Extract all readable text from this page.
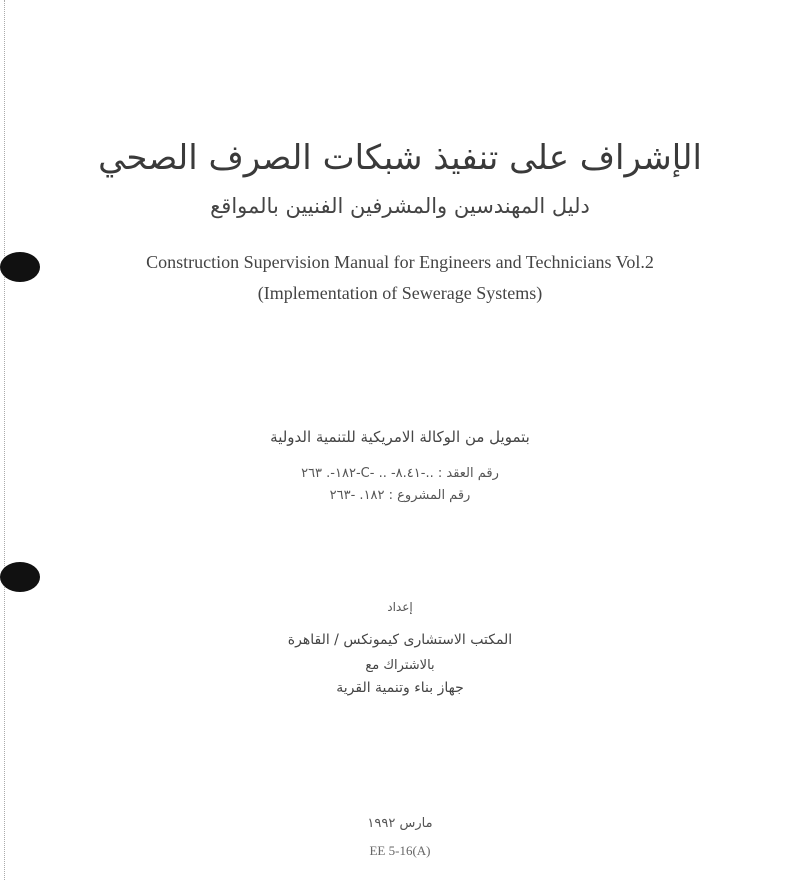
الإشراف على تنفيذ شبكات الصرف الصحي
دليل المهندسين والمشرفين الفنيين بالمواقع
Construction Supervision Manual for Engineers and Technicians Vol.2
(Implementation of Sewerage Systems)
بتمويل من الوكالة الامريكية للتنمية الدولية
رقم العقد : ..-٨.٤١- .. -C-١٨٢-. ٢٦٣
رقم المشروع : ١٨٢. -٢٦٣
إعداد
المكتب الاستشارى كيمونكس / القاهرة
بالاشتراك مع
جهاز بناء وتنمية القرية
مارس ١٩٩٢
EE 5-16(A)
